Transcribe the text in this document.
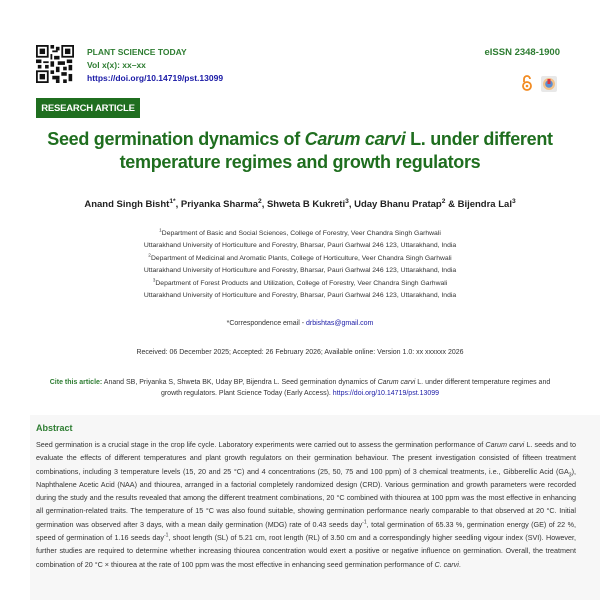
PLANT SCIENCE TODAY
Vol x(x): xx–xx
https://doi.org/10.14719/pst.13099
eISSN 2348-1900
RESEARCH ARTICLE
Seed germination dynamics of Carum carvi L. under different temperature regimes and growth regulators
Anand Singh Bisht$^{1*}$, Priyanka Sharma$^2$, Shweta B Kukreti$^3$, Uday Bhanu Pratap$^2$ & Bijendra Lal$^3$
$^1$Department of Basic and Social Sciences, College of Forestry, Veer Chandra Singh Garhwali
Uttarakhand University of Horticulture and Forestry, Bharsar, Pauri Garhwal 246 123, Uttarakhand, India
$^2$Department of Medicinal and Aromatic Plants, College of Horticulture, Veer Chandra Singh Garhwali
Uttarakhand University of Horticulture and Forestry, Bharsar, Pauri Garhwal 246 123, Uttarakhand, India
$^3$Department of Forest Products and Utilization, College of Forestry, Veer Chandra Singh Garhwali
Uttarakhand University of Horticulture and Forestry, Bharsar, Pauri Garhwal 246 123, Uttarakhand, India
*Correspondence email - drbishtas@gmail.com
Received: 06 December 2025; Accepted: 26 February 2026; Available online: Version 1.0: xx xxxxxx 2026
Cite this article: Anand SB, Priyanka S, Shweta BK, Uday BP, Bijendra L. Seed germination dynamics of Carum carvi L. under different temperature regimes and growth regulators. Plant Science Today (Early Access). https://doi.org/10.14719/pst.13099
Abstract
Seed germination is a crucial stage in the crop life cycle. Laboratory experiments were carried out to assess the germination performance of Carum carvi L. seeds and to evaluate the effects of different temperatures and plant growth regulators on their germination behaviour. The present investigation consisted of fifteen treatment combinations, including 3 temperature levels (15, 20 and 25 °C) and 4 concentrations (25, 50, 75 and 100 ppm) of 3 chemical treatments, i.e., Gibberellic Acid $(GA_3)$, Naphthalene Acetic Acid (NAA) and thiourea, arranged in a factorial completely randomized design (CRD). Various germination and growth parameters were recorded during the study and the results revealed that among the different treatment combinations, 20 °C combined with thiourea at 100 ppm was the most effective in enhancing all germination-related traits. The temperature of 15 °C was also found suitable, showing germination performance nearly comparable to that observed at 20 °C. Initial germination was observed after 3 days, with a mean daily germination (MDG) rate of 0.43 seeds day$^{-1}$, total germination of 65.33 %, germination energy (GE) of 22 %, speed of germination of 1.16 seeds day$^{-1}$, shoot length (SL) of 5.21 cm, root length (RL) of 3.50 cm and a correspondingly higher seedling vigour index (SVI). However, further studies are required to determine whether increasing thiourea concentration would exert a positive or negative influence on germination. Overall, the treatment combination of 20 °C × thiourea at the rate of 100 ppm was the most effective in enhancing seed germination performance of C. carvi.
